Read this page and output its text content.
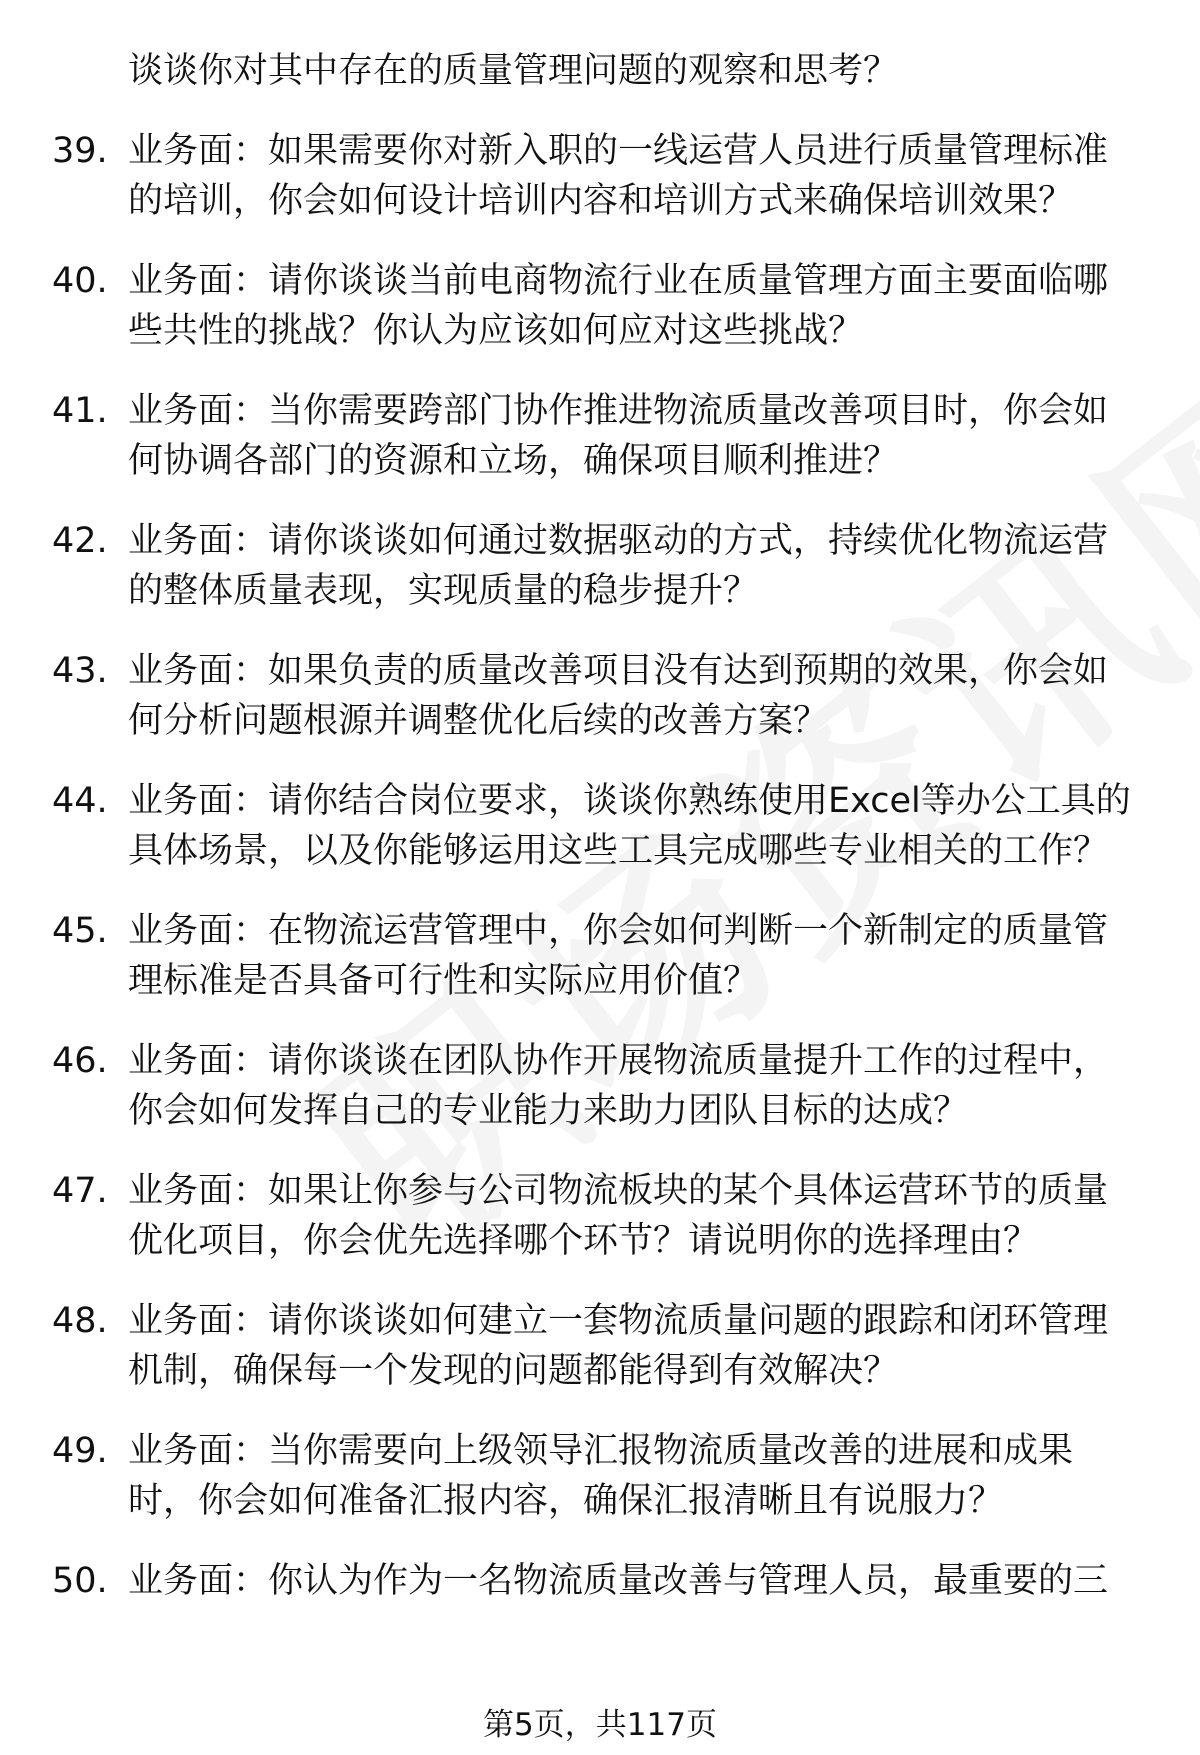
谈谈你对其中存在的质量管理问题的观察和思考？
39. 业务面：如果需要你对新入职的一线运营人员进行质量管理标准
的培训，你会如何设计培训内容和培训方式来确保培训效果？
40. 业务面：请你谈谈当前电商物流行业在质量管理方面主要面临哪
些共性的挑战？你认为应该如何应对这些挑战？
41. 业务面：当你需要跨部门协作推进物流质量改善项目时，你会如
何协调各部门的资源和立场，确保项目顺利推进？
42. 业务面：请你谈谈如何通过数据驱动的方式，持续优化物流运营
的整体质量表现，实现质量的稳步提升？
43. 业务面：如果负责的质量改善项目没有达到预期的效果，你会如
何分析问题根源并调整优化后续的改善方案？
44. 业务面：请你结合岗位要求，谈谈你熟练使用Excel等办公工具的
具体场景，以及你能够运用这些工具完成哪些专业相关的工作？
45. 业务面：在物流运营管理中，你会如何判断一个新制定的质量管
理标准是否具备可行性和实际应用价值？
46. 业务面：请你谈谈在团队协作开展物流质量提升工作的过程中，
你会如何发挥自己的专业能力来助力团队目标的达成？
47. 业务面：如果让你参与公司物流板块的某个具体运营环节的质量
优化项目，你会优先选择哪个环节？请说明你的选择理由？
48. 业务面：请你谈谈如何建立一套物流质量问题的跟踪和闭环管理
机制，确保每一个发现的问题都能得到有效解决？
49. 业务面：当你需要向上级领导汇报物流质量改善的进展和成果
时，你会如何准备汇报内容，确保汇报清晰且有说服力？
50. 业务面：你认为作为一名物流质量改善与管理人员，最重要的三
第5页，共117页
